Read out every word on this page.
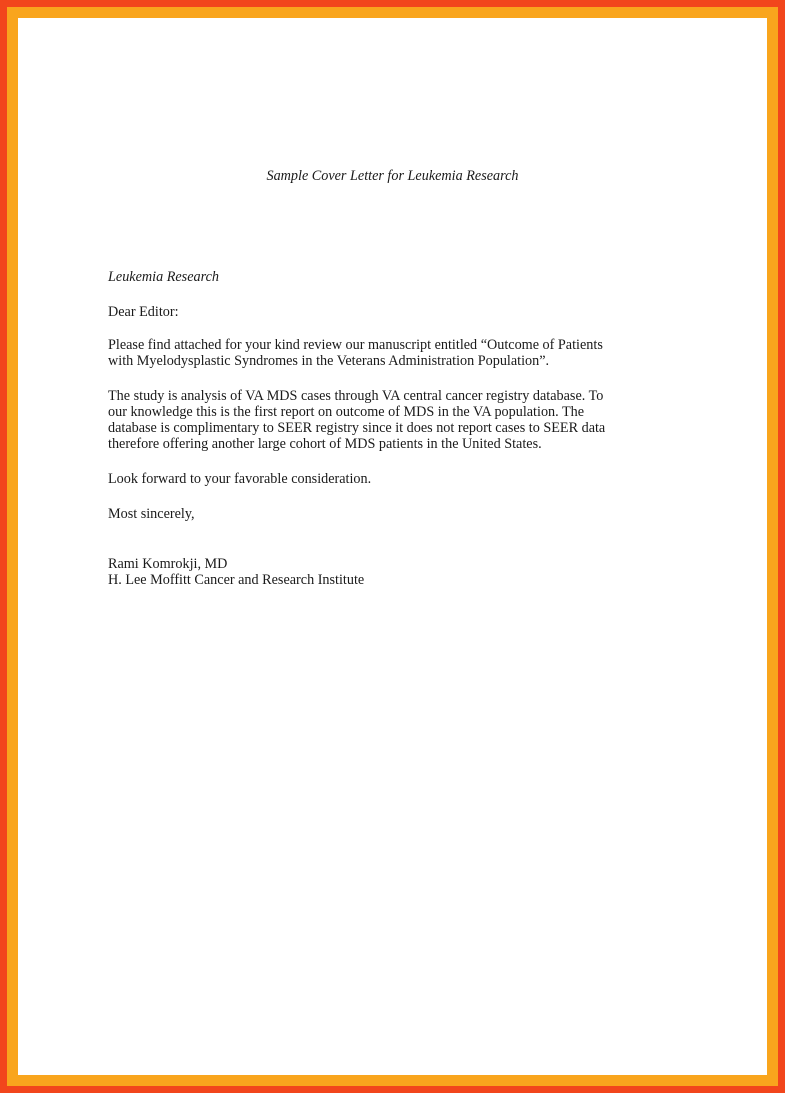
Sample Cover Letter for Leukemia Research
Leukemia Research
Dear Editor:
Please find attached for your kind review our manuscript entitled “Outcome of Patients
with Myelodysplastic Syndromes in the Veterans Administration Population”.
The study is analysis of VA MDS cases through VA central cancer registry database. To
our knowledge this is the first report on outcome of MDS in the VA population. The
database is complimentary to SEER registry since it does not report cases to SEER data
therefore offering another large cohort of MDS patients in the United States.
Look forward to your favorable consideration.
Most sincerely,
Rami Komrokji, MD
H. Lee Moffitt Cancer and Research Institute
